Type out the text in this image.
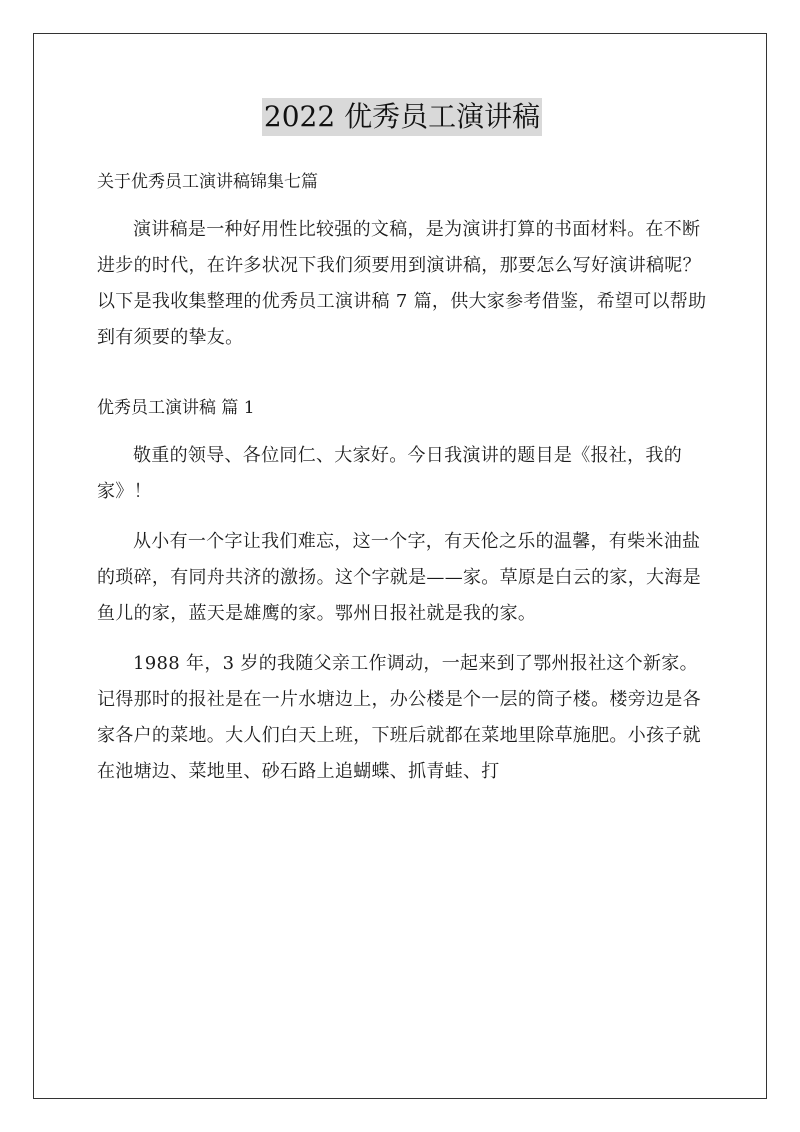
2022 优秀员工演讲稿
关于优秀员工演讲稿锦集七篇

演讲稿是一种好用性比较强的文稿，是为演讲打算的书面材料。在不断进步的时代，在许多状况下我们须要用到演讲稿，那要怎么写好演讲稿呢？以下是我收集整理的优秀员工演讲稿 7 篇，供大家参考借鉴，希望可以帮助到有须要的挚友。

优秀员工演讲稿 篇 1

敬重的领导、各位同仁、大家好。今日我演讲的题目是《报社，我的家》！

从小有一个字让我们难忘，这一个字，有天伦之乐的温馨，有柴米油盐的琐碎，有同舟共济的激扬。这个字就是——家。草原是白云的家，大海是鱼儿的家，蓝天是雄鹰的家。鄂州日报社就是我的家。

1988 年，3 岁的我随父亲工作调动，一起来到了鄂州报社这个新家。记得那时的报社是在一片水塘边上，办公楼是个一层的筒子楼。楼旁边是各家各户的菜地。大人们白天上班，下班后就都在菜地里除草施肥。小孩子就在池塘边、菜地里、砂石路上追蝴蝶、抓青蛙、打
